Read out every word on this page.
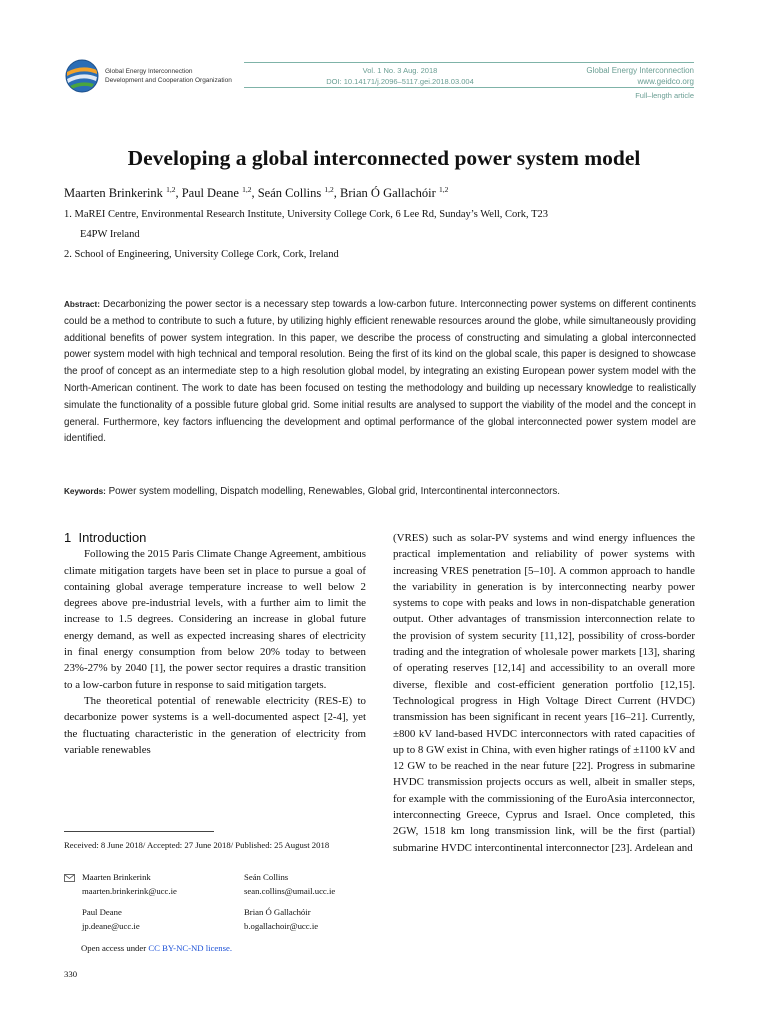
Global Energy Interconnection
Development and Cooperation Organization
Vol. 1 No. 3 Aug. 2018
DOI: 10.14171/j.2096–5117.gei.2018.03.004
Global Energy Interconnection
www.geidco.org
Full–length article
Developing a global interconnected power system model
Maarten Brinkerink $^{1,2}$, Paul Deane $^{1,2}$, Seán Collins $^{1,2}$, Brian Ó Gallachóir $^{1,2}$
1. MaREI Centre, Environmental Research Institute, University College Cork, 6 Lee Rd, Sunday’s Well, Cork, T23
E4PW Ireland
2. School of Engineering, University College Cork, Cork, Ireland
Abstract: Decarbonizing the power sector is a necessary step towards a low-carbon future. Interconnecting power systems on different continents could be a method to contribute to such a future, by utilizing highly efficient renewable resources around the globe, while simultaneously providing additional benefits of power system integration. In this paper, we describe the process of constructing and simulating a global interconnected power system model with high technical and temporal resolution. Being the first of its kind on the global scale, this paper is designed to showcase the proof of concept as an intermediate step to a high resolution global model, by integrating an existing European power system model with the North-American continent. The work to date has been focused on testing the methodology and building up necessary knowledge to realistically simulate the functionality of a possible future global grid. Some initial results are analysed to support the viability of the model and the concept in general. Furthermore, key factors influencing the development and optimal performance of the global interconnected power system model are identified.
Keywords: Power system modelling, Dispatch modelling, Renewables, Global grid, Intercontinental interconnectors.

1 Introduction

Following the 2015 Paris Climate Change Agreement, ambitious climate mitigation targets have been set in place to pursue a goal of containing global average temperature increase to well below 2 degrees above pre-industrial levels, with a further aim to limit the increase to 1.5 degrees. Considering an increase in global future energy demand, as well as expected increasing shares of electricity in final energy consumption from below 20% today to between 23%-27% by 2040 [1], the power sector requires a drastic transition to a low-carbon future in response to said mitigation targets.

The theoretical potential of renewable electricity (RES-E) to decarbonize power systems is a well-documented aspect [2-4], yet the fluctuating characteristic in the generation of electricity from variable renewables

(VRES) such as solar-PV systems and wind energy influences the practical implementation and reliability of power systems with increasing VRES penetration [5–10]. A common approach to handle the variability in generation is by interconnecting nearby power systems to cope with peaks and lows in non-dispatchable generation output. Other advantages of transmission interconnection relate to the provision of system security [11,12], possibility of cross-border trading and the integration of wholesale power markets [13], sharing of operating reserves [12,14] and accessibility to an overall more diverse, flexible and cost-efficient generation portfolio [12,15]. Technological progress in High Voltage Direct Current (HVDC) transmission has been significant in recent years [16–21]. Currently, ±800 kV land-based HVDC interconnectors with rated capacities of up to 8 GW exist in China, with even higher ratings of ±1100 kV and 12 GW to be reached in the near future [22]. Progress in submarine HVDC transmission projects occurs as well, albeit in smaller steps, for example with the commissioning of the EuroAsia interconnector, interconnecting Greece, Cyprus and Israel. Once completed, this 2GW, 1518 km long transmission link, will be the first (partial) submarine HVDC intercontinental interconnector [23]. Ardelean and

Received: 8 June 2018/ Accepted: 27 June 2018/ Published: 25 August 2018
Maarten Brinkerink
maarten.brinkerink@ucc.ie
Seán Collins
sean.collins@umail.ucc.ie
Paul Deane
jp.deane@ucc.ie
Brian Ó Gallachóir
b.ogallachoir@ucc.ie
Open access under CC BY-NC-ND license.
330
